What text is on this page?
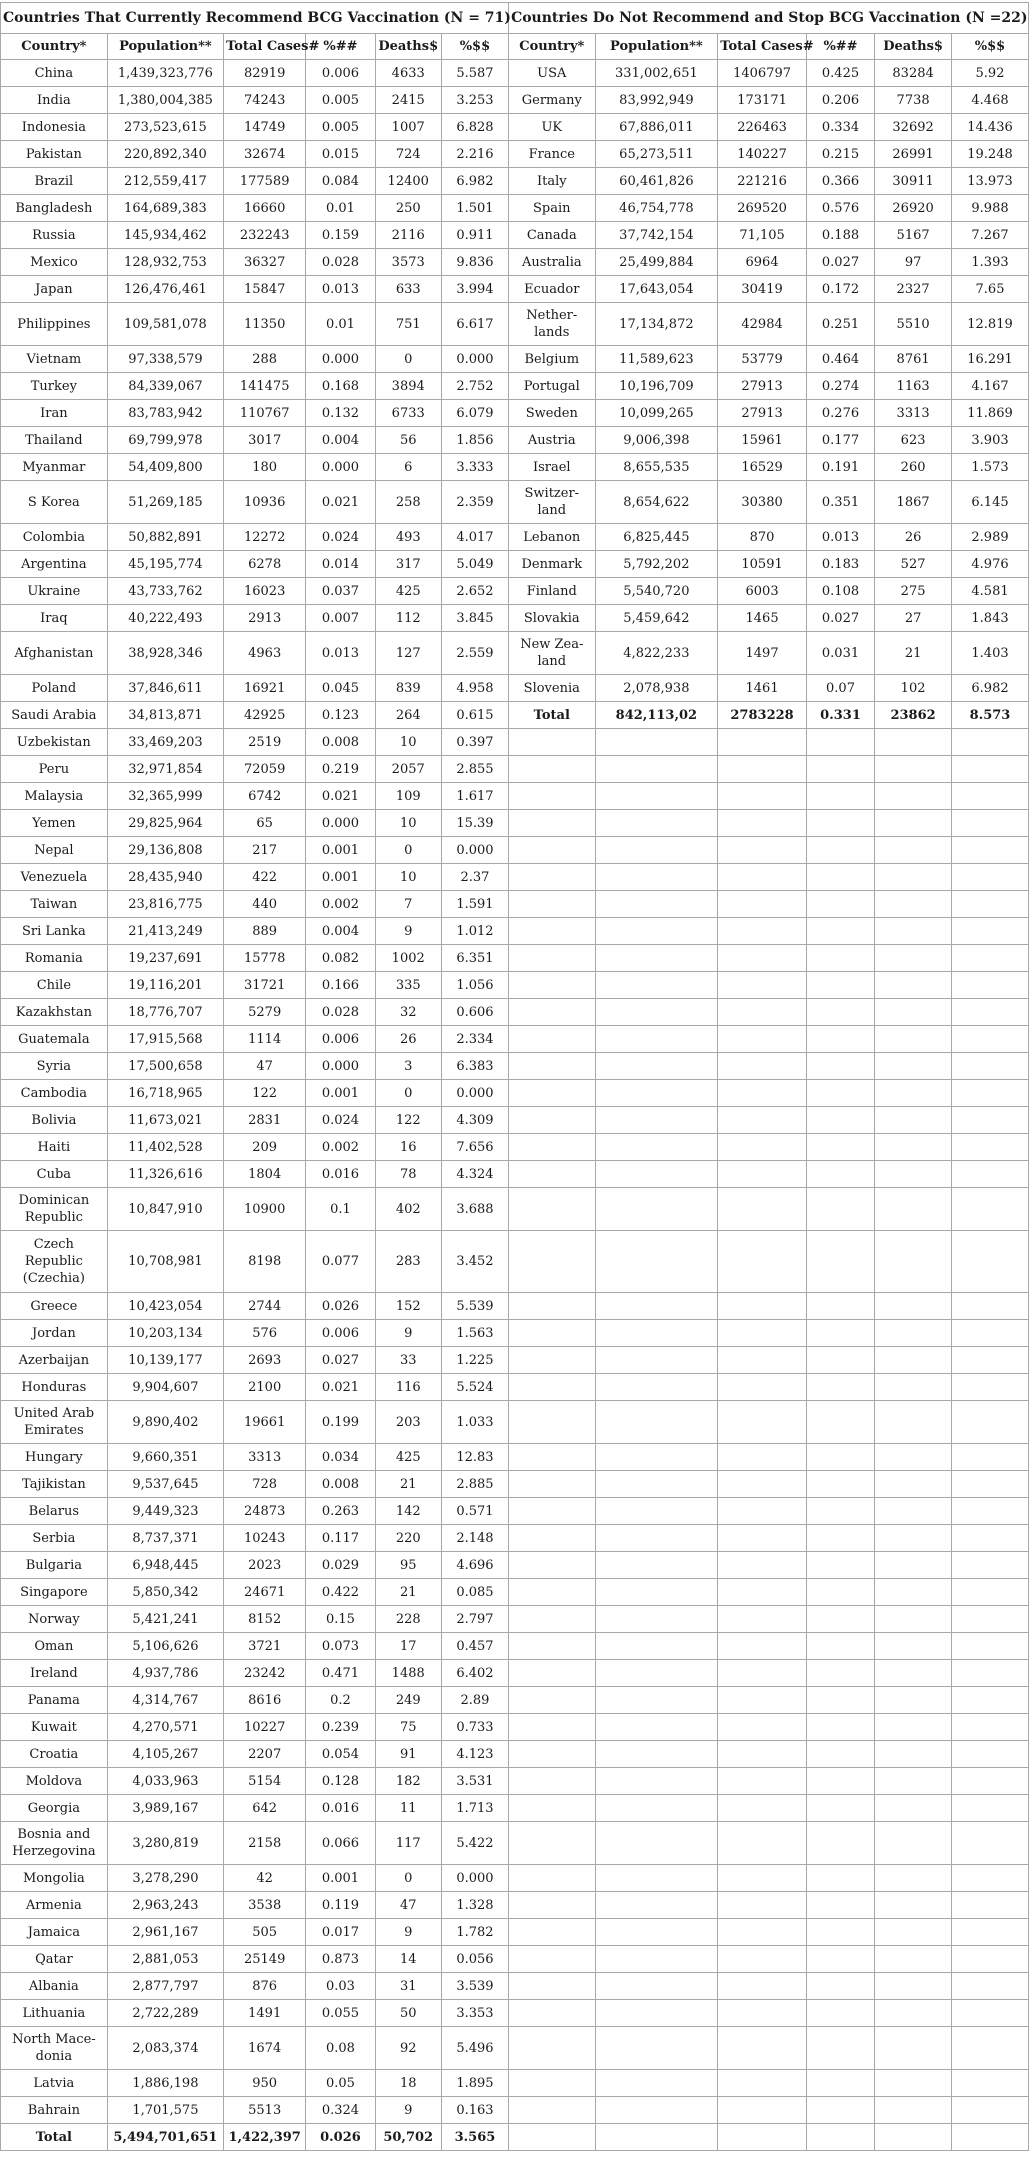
Countries That Currently Recommend BCG Vaccination (N = 71)						Countries Do Not Recommend and Stop BCG Vaccination (N =22)					
Country*	Population**	Total Cases#	%##	Deaths$	%$$	Country*	Population**	Total Cases#	%##	Deaths$	%$$
China	1,439,323,776	82919	0.006	4633	5.587	USA	331,002,651	1406797	0.425	83284	5.92
India	1,380,004,385	74243	0.005	2415	3.253	Germany	83,992,949	173171	0.206	7738	4.468
Indonesia	273,523,615	14749	0.005	1007	6.828	UK	67,886,011	226463	0.334	32692	14.436
Pakistan	220,892,340	32674	0.015	724	2.216	France	65,273,511	140227	0.215	26991	19.248
Brazil	212,559,417	177589	0.084	12400	6.982	Italy	60,461,826	221216	0.366	30911	13.973
Bangladesh	164,689,383	16660	0.01	250	1.501	Spain	46,754,778	269520	0.576	26920	9.988
Russia	145,934,462	232243	0.159	2116	0.911	Canada	37,742,154	71,105	0.188	5167	7.267
Mexico	128,932,753	36327	0.028	3573	9.836	Australia	25,499,884	6964	0.027	97	1.393
Japan	126,476,461	15847	0.013	633	3.994	Ecuador	17,643,054	30419	0.172	2327	7.65
Philippines	109,581,078	11350	0.01	751	6.617	Nether-lands	17,134,872	42984	0.251	5510	12.819
Vietnam	97,338,579	288	0.000	0	0.000	Belgium	11,589,623	53779	0.464	8761	16.291
Turkey	84,339,067	141475	0.168	3894	2.752	Portugal	10,196,709	27913	0.274	1163	4.167
Iran	83,783,942	110767	0.132	6733	6.079	Sweden	10,099,265	27913	0.276	3313	11.869
Thailand	69,799,978	3017	0.004	56	1.856	Austria	9,006,398	15961	0.177	623	3.903
Myanmar	54,409,800	180	0.000	6	3.333	Israel	8,655,535	16529	0.191	260	1.573
S Korea	51,269,185	10936	0.021	258	2.359	Switzer-land	8,654,622	30380	0.351	1867	6.145
Colombia	50,882,891	12272	0.024	493	4.017	Lebanon	6,825,445	870	0.013	26	2.989
Argentina	45,195,774	6278	0.014	317	5.049	Denmark	5,792,202	10591	0.183	527	4.976
Ukraine	43,733,762	16023	0.037	425	2.652	Finland	5,540,720	6003	0.108	275	4.581
Iraq	40,222,493	2913	0.007	112	3.845	Slovakia	5,459,642	1465	0.027	27	1.843
Afghanistan	38,928,346	4963	0.013	127	2.559	New Zea-land	4,822,233	1497	0.031	21	1.403
Poland	37,846,611	16921	0.045	839	4.958	Slovenia	2,078,938	1461	0.07	102	6.982
Saudi Arabia	34,813,871	42925	0.123	264	0.615	Total	842,113,02	2783228	0.331	23862	8.573
Uzbekistan	33,469,203	2519	0.008	10	0.397						
Peru	32,971,854	72059	0.219	2057	2.855						
Malaysia	32,365,999	6742	0.021	109	1.617						
Yemen	29,825,964	65	0.000	10	15.39						
Nepal	29,136,808	217	0.001	0	0.000						
Venezuela	28,435,940	422	0.001	10	2.37						
Taiwan	23,816,775	440	0.002	7	1.591						
Sri Lanka	21,413,249	889	0.004	9	1.012						
Romania	19,237,691	15778	0.082	1002	6.351						
Chile	19,116,201	31721	0.166	335	1.056						
Kazakhstan	18,776,707	5279	0.028	32	0.606						
Guatemala	17,915,568	1114	0.006	26	2.334						
Syria	17,500,658	47	0.000	3	6.383						
Cambodia	16,718,965	122	0.001	0	0.000						
Bolivia	11,673,021	2831	0.024	122	4.309						
Haiti	11,402,528	209	0.002	16	7.656						
Cuba	11,326,616	1804	0.016	78	4.324						
Dominican Republic	10,847,910	10900	0.1	402	3.688						
Czech Republic (Czechia)	10,708,981	8198	0.077	283	3.452						
Greece	10,423,054	2744	0.026	152	5.539						
Jordan	10,203,134	576	0.006	9	1.563						
Azerbaijan	10,139,177	2693	0.027	33	1.225						
Honduras	9,904,607	2100	0.021	116	5.524						
United Arab Emirates	9,890,402	19661	0.199	203	1.033						
Hungary	9,660,351	3313	0.034	425	12.83						
Tajikistan	9,537,645	728	0.008	21	2.885						
Belarus	9,449,323	24873	0.263	142	0.571						
Serbia	8,737,371	10243	0.117	220	2.148						
Bulgaria	6,948,445	2023	0.029	95	4.696						
Singapore	5,850,342	24671	0.422	21	0.085						
Norway	5,421,241	8152	0.15	228	2.797						
Oman	5,106,626	3721	0.073	17	0.457						
Ireland	4,937,786	23242	0.471	1488	6.402						
Panama	4,314,767	8616	0.2	249	2.89						
Kuwait	4,270,571	10227	0.239	75	0.733						
Croatia	4,105,267	2207	0.054	91	4.123						
Moldova	4,033,963	5154	0.128	182	3.531						
Georgia	3,989,167	642	0.016	11	1.713						
Bosnia and Herzegovina	3,280,819	2158	0.066	117	5.422						
Mongolia	3,278,290	42	0.001	0	0.000						
Armenia	2,963,243	3538	0.119	47	1.328						
Jamaica	2,961,167	505	0.017	9	1.782						
Qatar	2,881,053	25149	0.873	14	0.056						
Albania	2,877,797	876	0.03	31	3.539						
Lithuania	2,722,289	1491	0.055	50	3.353						
North Mace-donia	2,083,374	1674	0.08	92	5.496						
Latvia	1,886,198	950	0.05	18	1.895						
Bahrain	1,701,575	5513	0.324	9	0.163						
Total	5,494,701,651	1,422,397	0.026	50,702	3.565						
